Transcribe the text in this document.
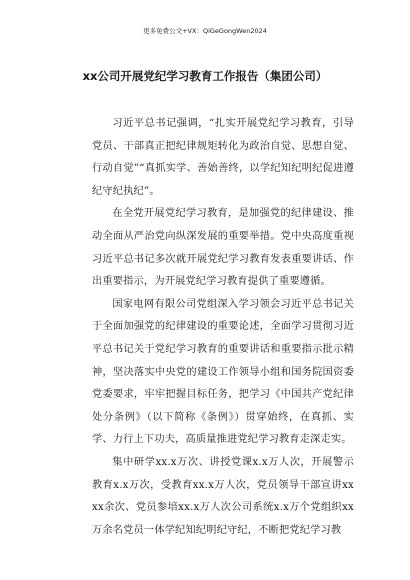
更多免费公文+VX：QiGeGongWen2024
xx公司开展党纪学习教育工作报告（集团公司）

习近平总书记强调，“扎实开展党纪学习教育，引导党员、干部真正把纪律规矩转化为政治自觉、思想自觉、行动自觉”“真抓实学、善始善终，以学纪知纪明纪促进遵纪守纪执纪”。

在全党开展党纪学习教育，是加强党的纪律建设、推动全面从严治党向纵深发展的重要举措。党中央高度重视习近平总书记多次就开展党纪学习教育发表重要讲话、作出重要指示，为开展党纪学习教育提供了重要遵循。

国家电网有限公司党组深入学习领会习近平总书记关于全面加强党的纪律建设的重要论述，全面学习贯彻习近平总书记关于党纪学习教育的重要讲话和重要指示批示精神，坚决落实中央党的建设工作领导小组和国务院国资委党委要求，牢牢把握目标任务，把学习《中国共产党纪律处分条例》（以下简称《条例》）贯穿始终，在真抓、实学、力行上下功夫，高质量推进党纪学习教育走深走实。

集中研学xx.x万次、讲授党课x.x万人次，开展警示教育x.x万次，受教育xx.x万人次，党员领导干部宣讲xxxx余次、党员参培xx.x万人次公司系统x.x万个党组织xx万余名党员一体学纪知纪明纪守纪，不断把党纪学习教
